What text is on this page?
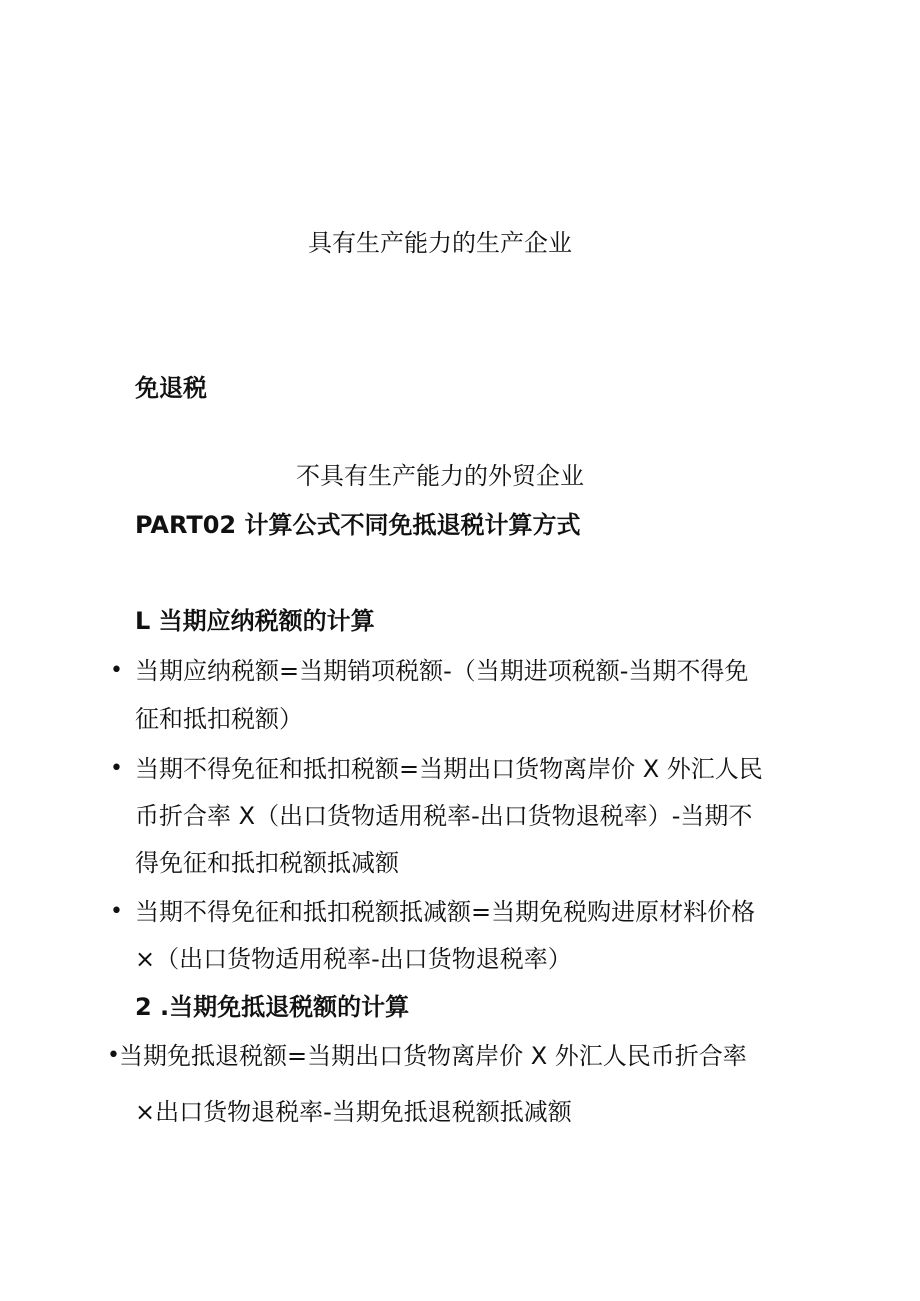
具有生产能力的生产企业
免退税
不具有生产能力的外贸企业
PART02 计算公式不同免抵退税计算方式
L 当期应纳税额的计算
• 当期应纳税额=当期销项税额-（当期进项税额-当期不得免
征和抵扣税额）
• 当期不得免征和抵扣税额=当期出口货物离岸价 X 外汇人民
币折合率 X（出口货物适用税率-出口货物退税率）-当期不
得免征和抵扣税额抵减额
• 当期不得免征和抵扣税额抵减额=当期免税购进原材料价格
×（出口货物适用税率-出口货物退税率）
2 .当期免抵退税额的计算
• 当期免抵退税额=当期出口货物离岸价 X 外汇人民币折合率
×出口货物退税率-当期免抵退税额抵减额
